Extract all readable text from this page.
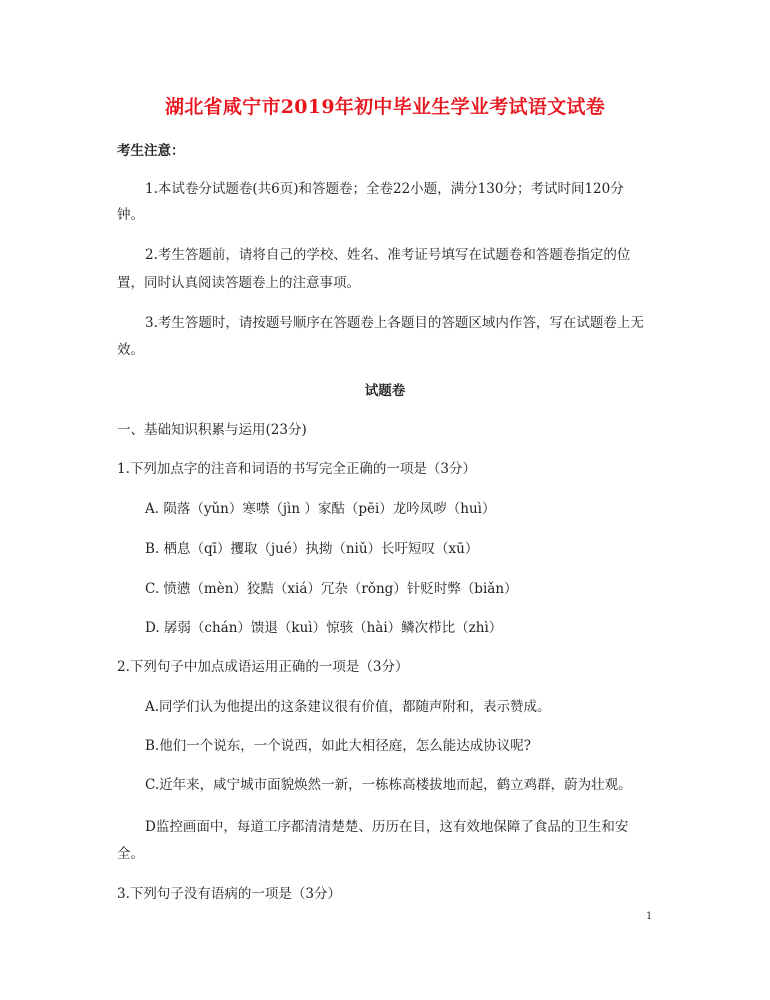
湖北省咸宁市2019年初中毕业生学业考试语文试卷
考生注意：
1.本试卷分试题卷(共6页)和答题卷；全卷22小题，满分130分；考试时间120分
钟。
2.考生答题前，请将自己的学校、姓名、准考证号填写在试题卷和答题卷指定的位
置，同时认真阅读答题卷上的注意事项。
3.考生答题时，请按题号顺序在答题卷上各题目的答题区域内作答，写在试题卷上无
效。
试题卷
一、基础知识积累与运用(23分)
1.下列加点字的注音和词语的书写完全正确的一项是（3分）
A. 陨落（yǔn）寒噤（jìn ）家酤（pēi）龙吟凤哕（huì）
B. 栖息（qī）攫取（jué）执拗（niǔ）长吁短叹（xū）
C. 愤懑（mèn）狡黠（xiá）冗杂（rǒng）针贬时弊（biǎn）
D. 孱弱（chán）馈退（kuì）惊骇（hài）鳞次栉比（zhì）
2.下列句子中加点成语运用正确的一项是（3分）
A.同学们认为他提出的这条建议很有价值，都随声附和，表示赞成。
B.他们一个说东，一个说西，如此大相径庭，怎么能达成协议呢?
C.近年来，咸宁城市面貌焕然一新，一栋栋高楼拔地而起，鹤立鸡群，蔚为壮观。
D监控画面中，每道工序都清清楚楚、历历在目，这有效地保障了食品的卫生和安
全。
3.下列句子没有语病的一项是（3分）
1
